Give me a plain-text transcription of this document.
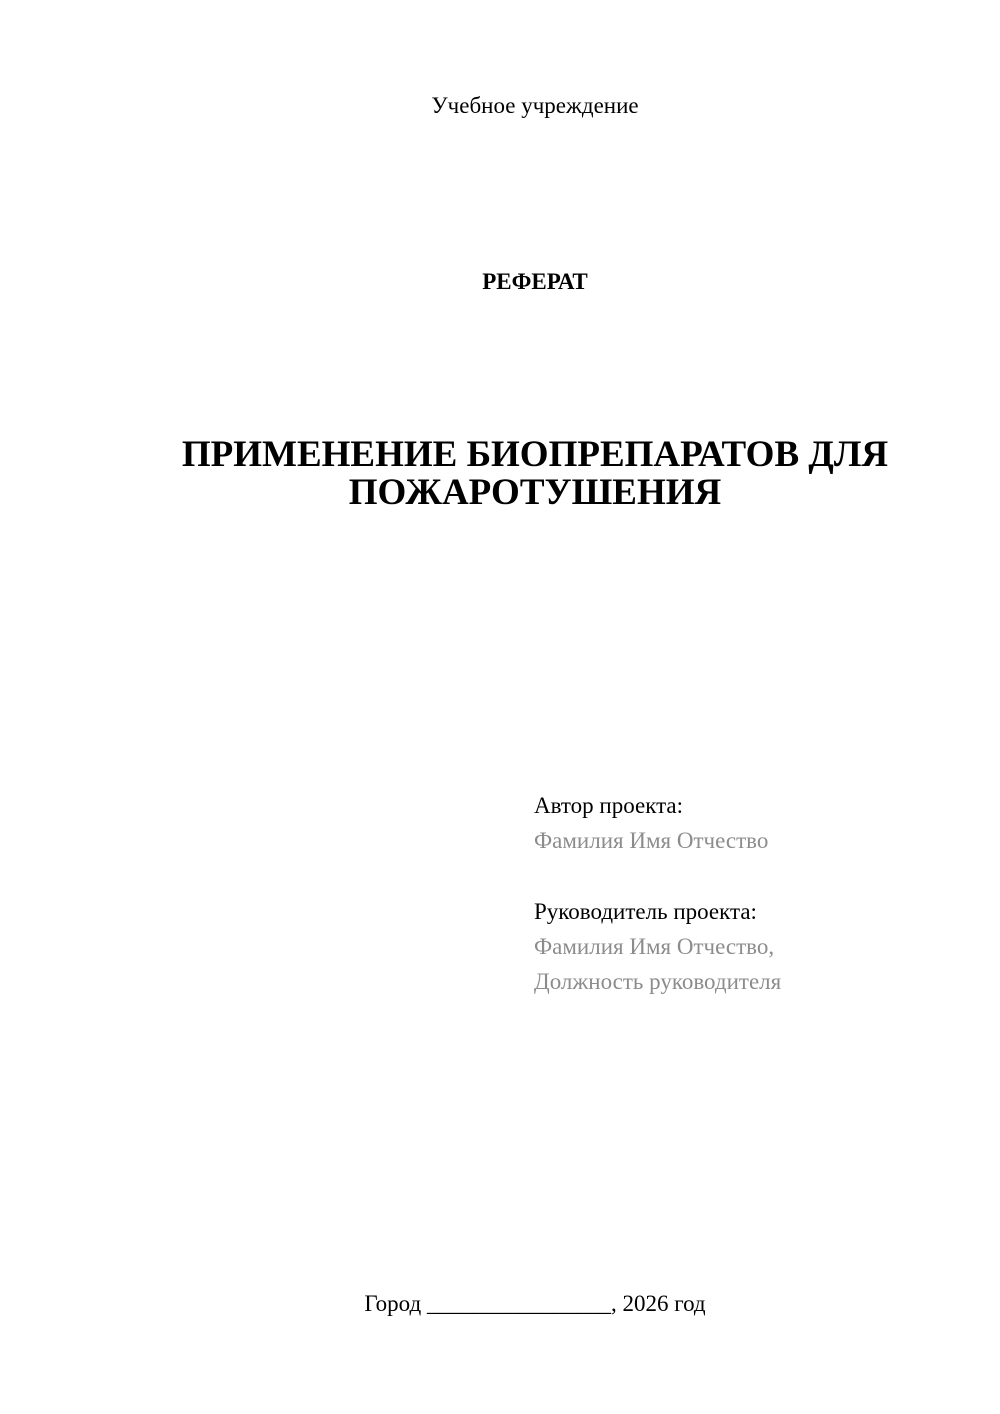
Учебное учреждение
РЕФЕРАТ
ПРИМЕНЕНИЕ БИОПРЕПАРАТОВ ДЛЯ
ПОЖАРОТУШЕНИЯ
Автор проекта:
Фамилия Имя Отчество
Руководитель проекта:
Фамилия Имя Отчество,
Должность руководителя
Город ________________, 2026 год
